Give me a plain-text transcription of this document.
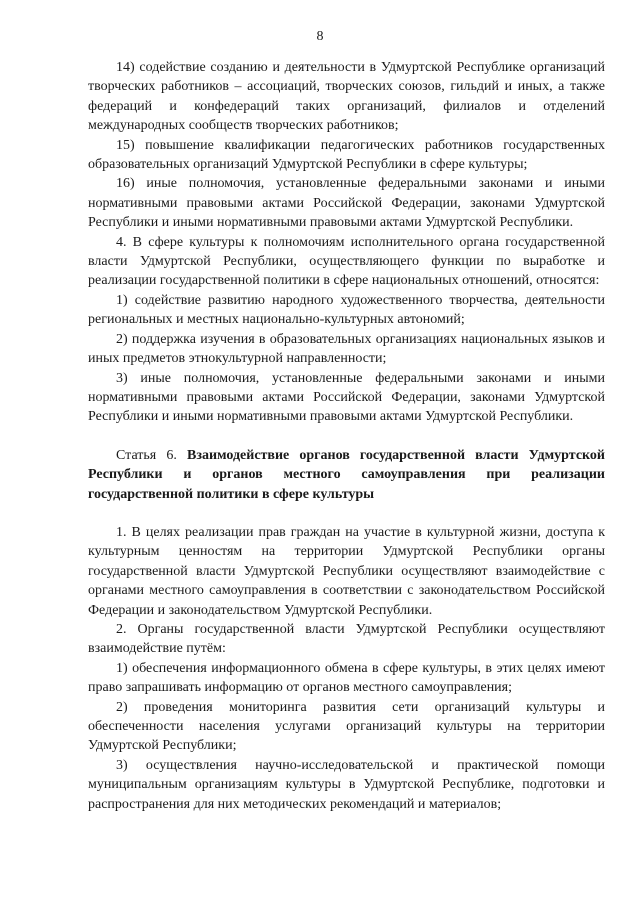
8

14) содействие созданию и деятельности в Удмуртской Республике организаций творческих работников – ассоциаций, творческих союзов, гильдий и иных, а также федераций и конфедераций таких организаций, филиалов и отделений международных сообществ творческих работников;

15) повышение квалификации педагогических работников государственных образовательных организаций Удмуртской Республики в сфере культуры;

16) иные полномочия, установленные федеральными законами и иными нормативными правовыми актами Российской Федерации, законами Удмуртской Республики и иными нормативными правовыми актами Удмуртской Республики.

4. В сфере культуры к полномочиям исполнительного органа государственной власти Удмуртской Республики, осуществляющего функции по выработке и реализации государственной политики в сфере национальных отношений, относятся:

1) содействие развитию народного художественного творчества, деятельности региональных и местных национально-культурных автономий;

2) поддержка изучения в образовательных организациях национальных языков и иных предметов этнокультурной направленности;

3) иные полномочия, установленные федеральными законами и иными нормативными правовыми актами Российской Федерации, законами Удмуртской Республики и иными нормативными правовыми актами Удмуртской Республики.

Статья 6. Взаимодействие органов государственной власти Удмуртской Республики и органов местного самоуправления при реализации государственной политики в сфере культуры

1. В целях реализации прав граждан на участие в культурной жизни, доступа к культурным ценностям на территории Удмуртской Республики органы государственной власти Удмуртской Республики осуществляют взаимодействие с органами местного самоуправления в соответствии с законодательством Российской Федерации и законодательством Удмуртской Республики.

2. Органы государственной власти Удмуртской Республики осуществляют взаимодействие путём:

1) обеспечения информационного обмена в сфере культуры, в этих целях имеют право запрашивать информацию от органов местного самоуправления;

2) проведения мониторинга развития сети организаций культуры и обеспеченности населения услугами организаций культуры на территории Удмуртской Республики;

3) осуществления научно-исследовательской и практической помощи муниципальным организациям культуры в Удмуртской Республике, подготовки и распространения для них методических рекомендаций и материалов;
